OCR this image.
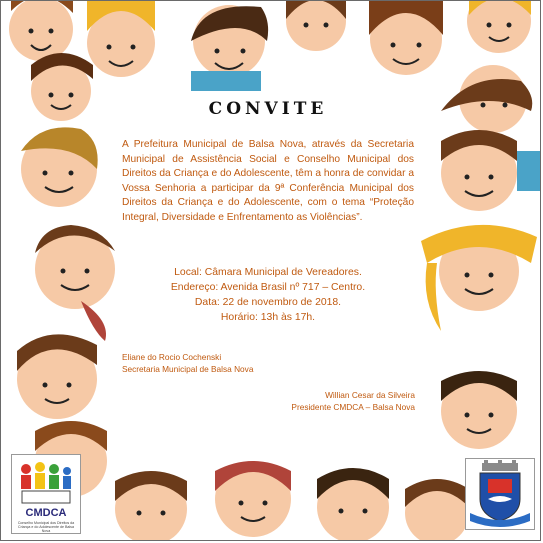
CONVITE
A Prefeitura Municipal de Balsa Nova, através da Secretaria Municipal de Assistência Social e Conselho Municipal dos Direitos da Criança e do Adolescente, têm a honra de convidar a Vossa Senhoria a participar da 9ª Conferência Municipal dos Direitos da Criança e do Adolescente, com o tema “Proteção Integral, Diversidade e Enfrentamento as Violências”.
Local: Câmara Municipal de Vereadores.
Endereço: Avenida Brasil nº 717 – Centro.
Data: 22 de novembro de 2018.
Horário: 13h às 17h.
Eliane do Rocio Cochenski
Secretaria Municipal de Balsa Nova
Willian Cesar da Silveira
Presidente CMDCA – Balsa Nova
CMDCA
Conselho Municipal dos Direitos da Criança e do Adolescente de Balsa Nova
